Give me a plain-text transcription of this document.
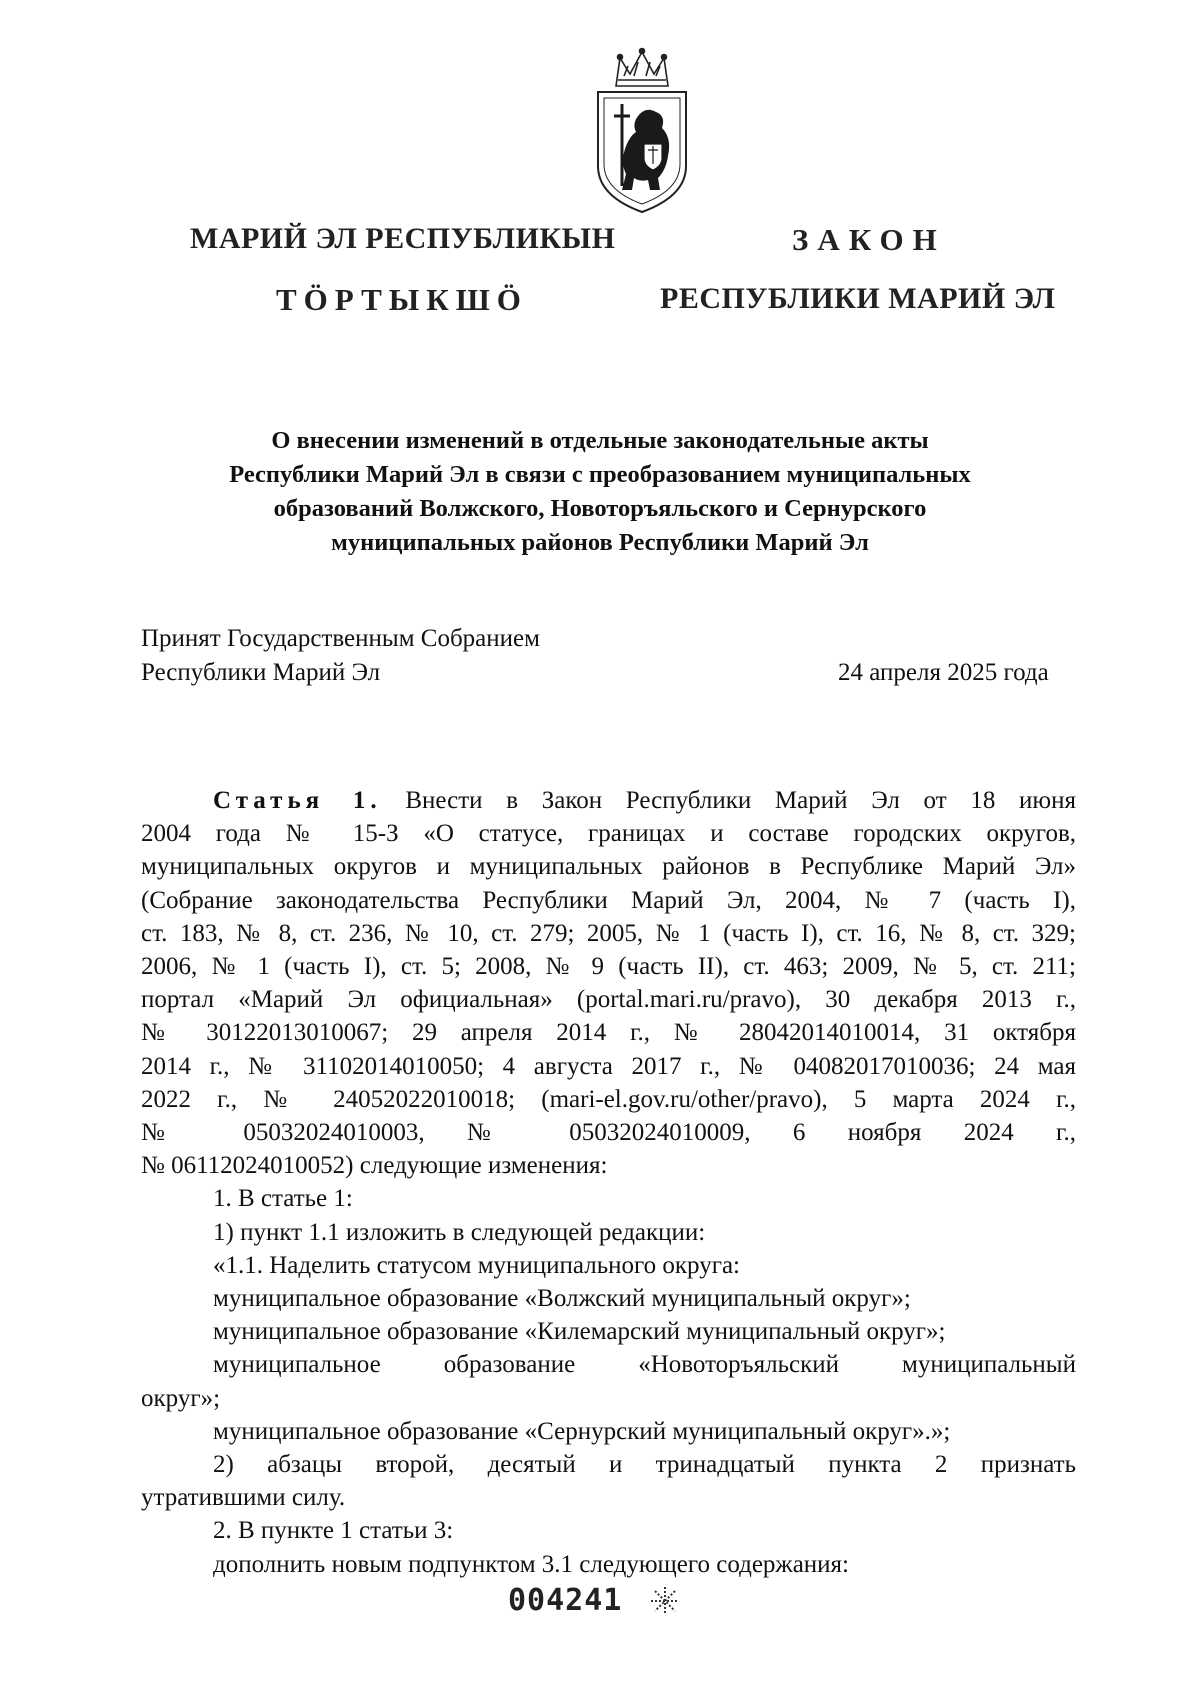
МАРИЙ ЭЛ РЕСПУБЛИКЫН
ТӦРТЫКШӦ
ЗАКОН
РЕСПУБЛИКИ МАРИЙ ЭЛ
О внесении изменений в отдельные законодательные акты
Республики Марий Эл в связи с преобразованием муниципальных
образований Волжского, Новоторъяльского и Сернурского
муниципальных районов Республики Марий Эл
Принят Государственным Собранием
Республики Марий Эл	24 апреля 2025 года
Статья 1. Внести в Закон Республики Марий Эл от 18 июня
2004 года № 15-З «О статусе, границах и составе городских округов,
муниципальных округов и муниципальных районов в Республике Марий Эл»
(Собрание законодательства Республики Марий Эл, 2004, № 7 (часть I),
ст. 183, № 8, ст. 236, № 10, ст. 279; 2005, № 1 (часть I), ст. 16, № 8, ст. 329;
2006, № 1 (часть I), ст. 5; 2008, № 9 (часть II), ст. 463; 2009, № 5, ст. 211;
портал «Марий Эл официальная» (portal.mari.ru/pravo), 30 декабря 2013 г.,
№ 30122013010067; 29 апреля 2014 г., № 28042014010014, 31 октября
2014 г., № 31102014010050; 4 августа 2017 г., № 04082017010036; 24 мая
2022 г., № 24052022010018; (mari-el.gov.ru/other/pravo), 5 марта 2024 г.,
№ 05032024010003, № 05032024010009, 6 ноября 2024 г.,
№ 06112024010052) следующие изменения:
1. В статье 1:
1) пункт 1.1 изложить в следующей редакции:
«1.1. Наделить статусом муниципального округа:
муниципальное образование «Волжский муниципальный округ»;
муниципальное образование «Килемарский муниципальный округ»;
муниципальное образование «Новоторъяльский муниципальный
округ»;
муниципальное образование «Сернурский муниципальный округ».»;
2) абзацы второй, десятый и тринадцатый пункта 2 признать
утратившими силу.
2. В пункте 1 статьи 3:
дополнить новым подпунктом 3.1 следующего содержания:
004241
